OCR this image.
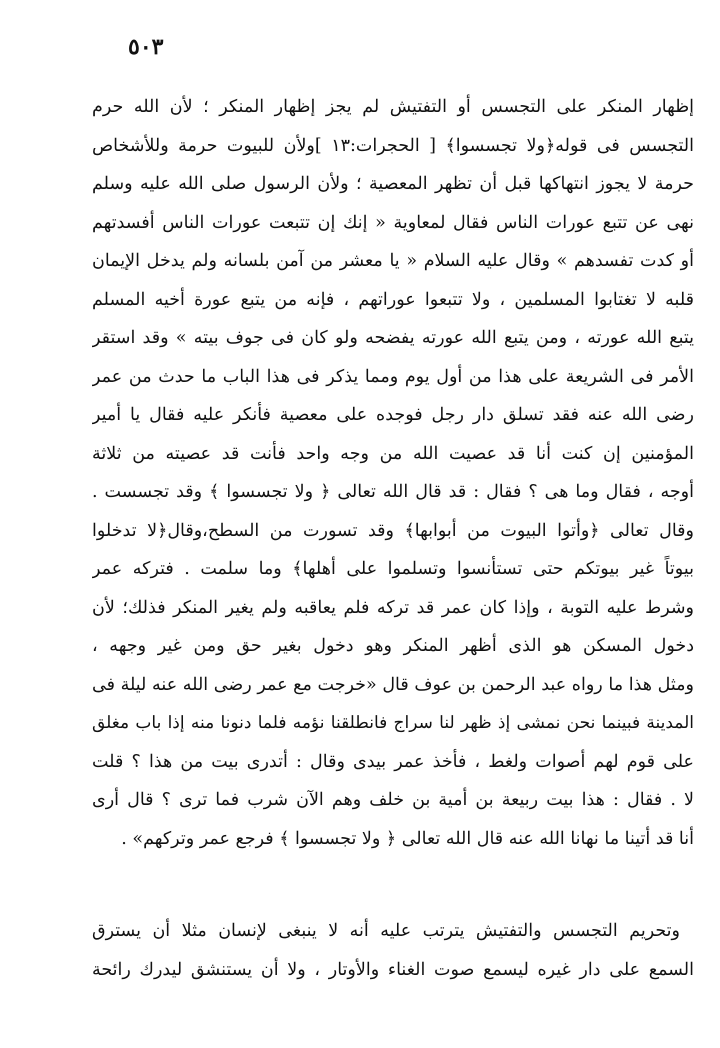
٥٠٣
إظهار المنكر على التجسس أو التفتيش لم يجز إظهار المنكر ؛ لأن الله حرم
التجسس فى قوله﴿ولا تجسسوا﴾ [ الحجرات:١٣ ]ولأن للبيوت حرمة وللأشخاص
حرمة لا يجوز انتهاكها قبل أن تظهر المعصية ؛ ولأن الرسول صلى الله عليه وسلم
نهى عن تتبع عورات الناس فقال لمعاوية « إنك إن تتبعت عورات الناس أفسدتهم
أو كدت تفسدهم » وقال عليه السلام « يا معشر من آمن بلسانه ولم يدخل الإيمان
قلبه لا تغتابوا المسلمين ، ولا تتبعوا عوراتهم ، فإنه من يتبع عورة أخيه المسلم
يتبع الله عورته ، ومن يتبع الله عورته يفضحه ولو كان فى جوف بيته » وقد استقر
الأمر فى الشريعة على هذا من أول يوم ومما يذكر فى هذا الباب ما حدث من عمر
رضى الله عنه فقد تسلق دار رجل فوجده على معصية فأنكر عليه فقال يا أمير
المؤمنين إن كنت أنا قد عصيت الله من وجه واحد فأنت قد عصيته من ثلاثة
أوجه ، فقال وما هى ؟ فقال : قد قال الله تعالى ﴿ ولا تجسسوا ﴾ وقد تجسست .
وقال تعالى ﴿وأتوا البيوت من أبوابها﴾ وقد تسورت من السطح،وقال﴿لا تدخلوا
بيوتاً غير بيوتكم حتى تستأنسوا وتسلموا على أهلها﴾ وما سلمت . فتركه عمر
وشرط عليه التوبة ، وإذا كان عمر قد تركه فلم يعاقبه ولم يغير المنكر فذلك؛ لأن
دخول المسكن هو الذى أظهر المنكر وهو دخول بغير حق ومن غير وجهه ،
ومثل هذا ما رواه عبد الرحمن بن عوف قال «خرجت مع عمر رضى الله عنه ليلة فى
المدينة فبينما نحن نمشى إذ ظهر لنا سراج فانطلقنا نؤمه فلما دنونا منه إذا باب مغلق
على قوم لهم أصوات ولغط ، فأخذ عمر بيدى وقال : أتدرى بيت من هذا ؟ قلت
لا . فقال : هذا بيت ربيعة بن أمية بن خلف وهم الآن شرب فما ترى ؟ قال أرى
أنا قد أتينا ما نهانا الله عنه قال الله تعالى ﴿ ولا تجسسوا ﴾ فرجع عمر وتركهم» .
وتحريم التجسس والتفتيش يترتب عليه أنه لا ينبغى لإنسان مثلا أن يسترق
السمع على دار غيره ليسمع صوت الغناء والأوتار ، ولا أن يستنشق ليدرك رائحة
